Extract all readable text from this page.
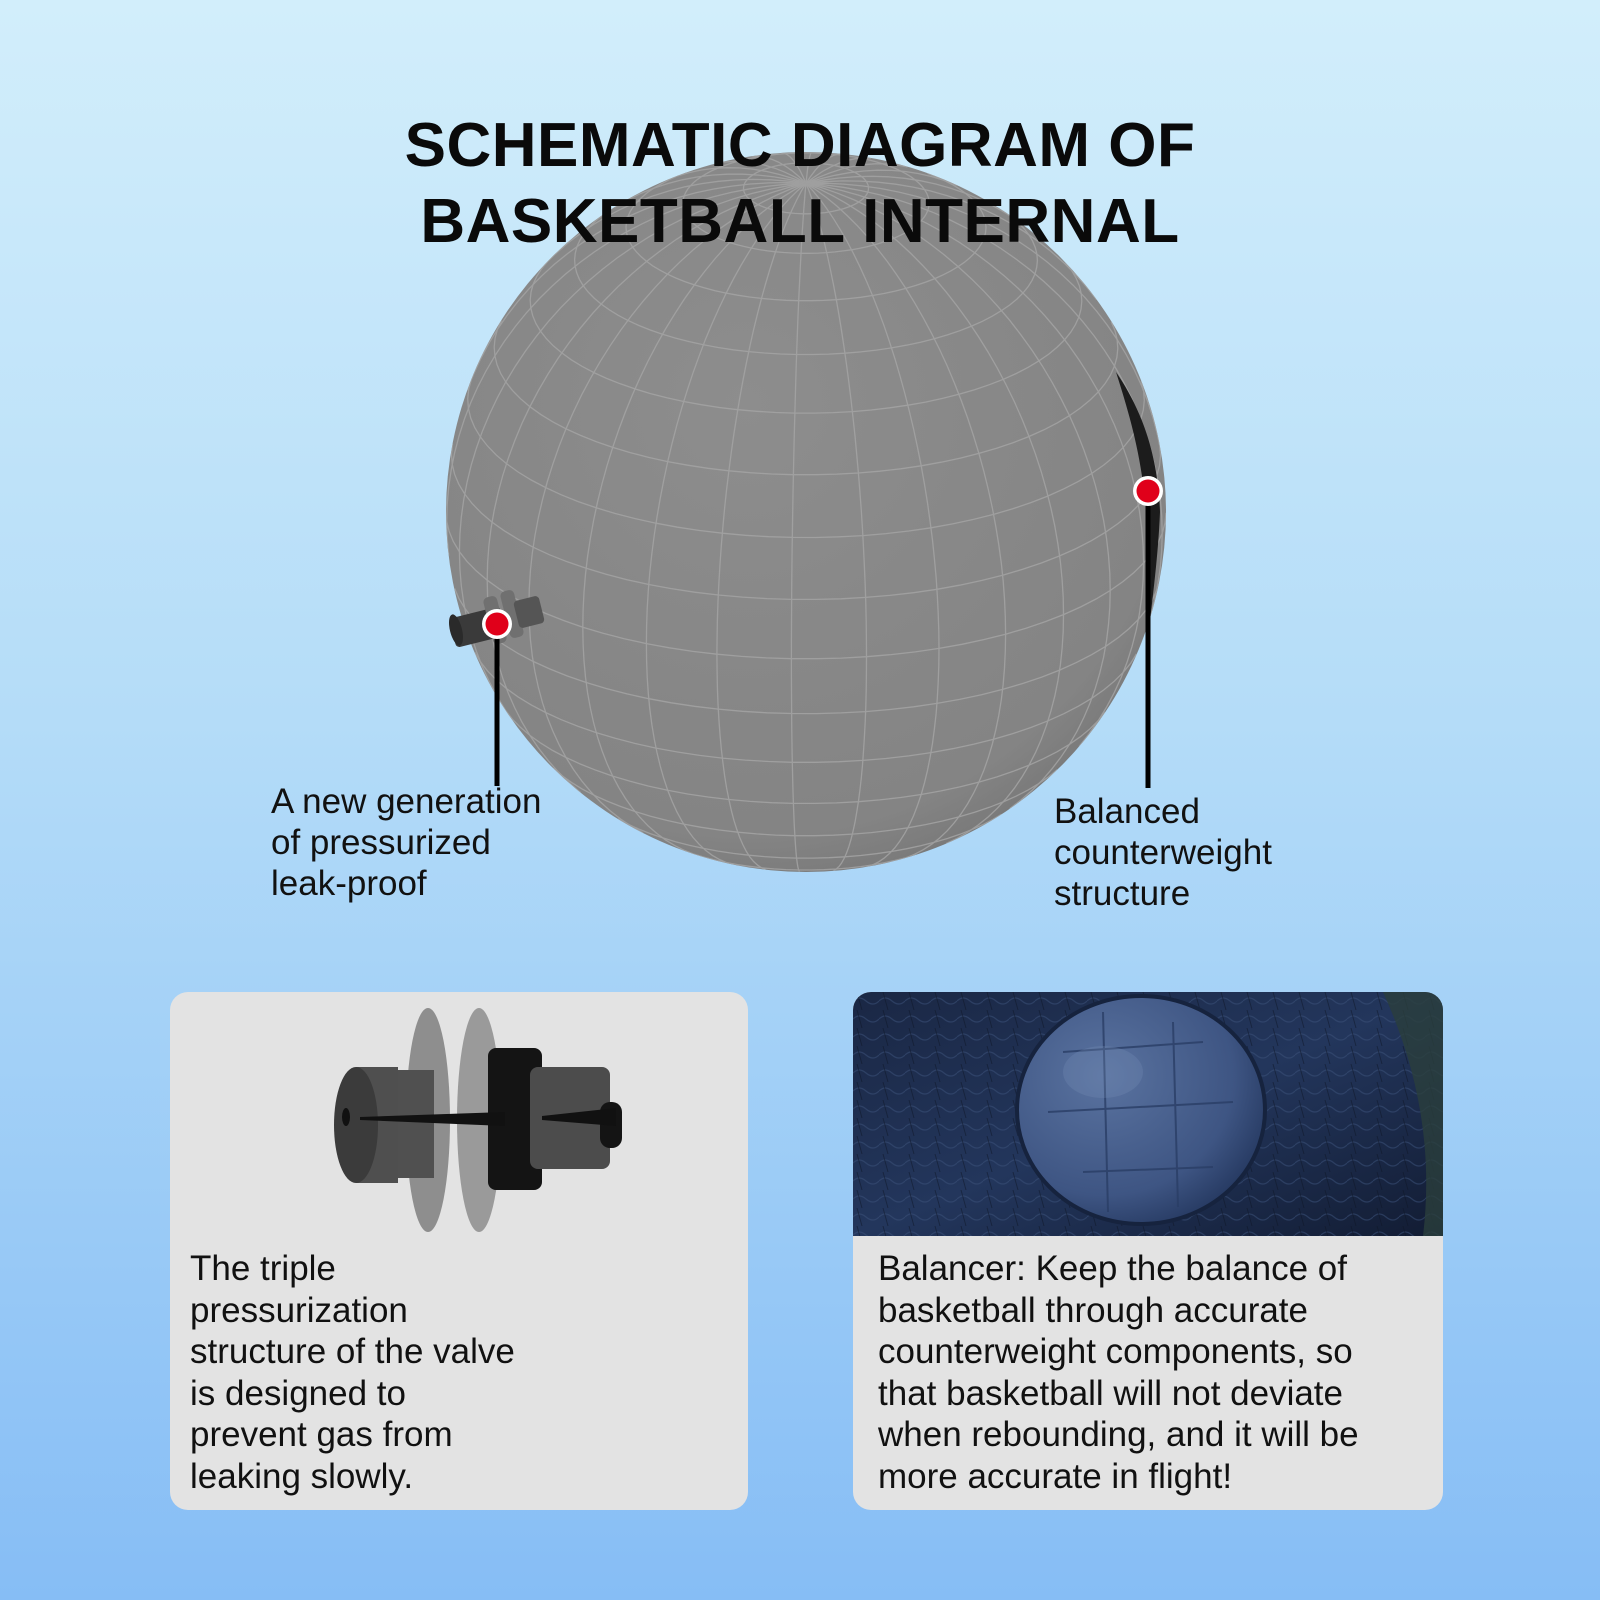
SCHEMATIC DIAGRAM OF
BASKETBALL INTERNAL

A new generation
of pressurized
leak-proof

Balanced
counterweight
structure

The triple
pressurization
structure of the valve
is designed to
prevent gas from
leaking slowly.

Balancer: Keep the balance of
basketball through accurate
counterweight components, so
that basketball will not deviate
when rebounding, and it will be
more accurate in flight!
